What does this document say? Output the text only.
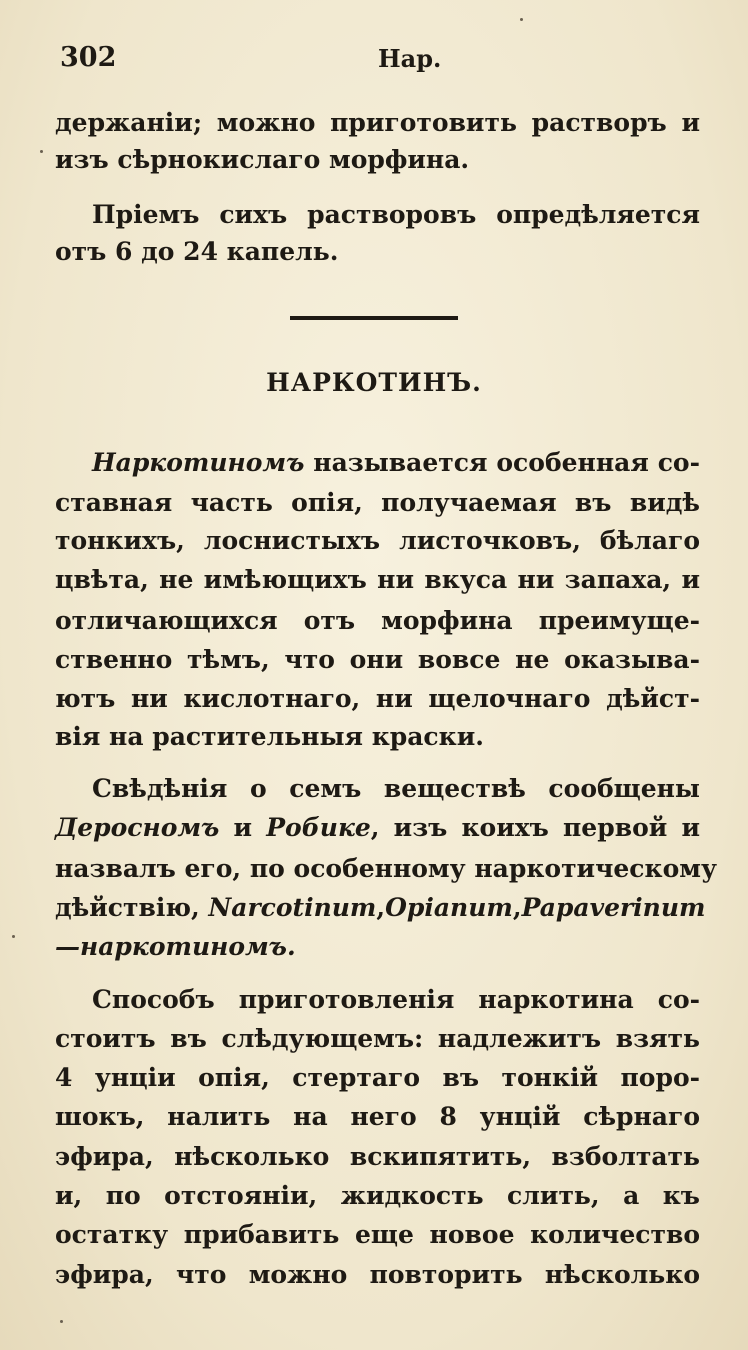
302	Нар.
держаніи; можно приготовить растворъ и
изъ сѣрнокислаго морфина.
Пріемъ сихъ растворовъ опредѣляется
отъ 6 до 24 капель.
НАРКОТИНЪ.
Наркотиномъ называется особенная со-
ставная часть опія, получаемая въ видѣ
тонкихъ, лоснистыхъ листочковъ, бѣлаго
цвѣта, не имѣющихъ ни вкуса ни запаха, и
отличающихся отъ морфина преимуще-
ственно тѣмъ, что они вовсе не оказыва-
ютъ ни кислотнаго, ни щелочнаго дѣйст-
вія на растительныя краски.
Свѣдѣнія о семъ веществѣ сообщены
Деросномъ и Робике, изъ коихъ первой и
назвалъ его, по особенному наркотическому
дѣйствію, Narcotinum,Opianum,Papaverinum
—наркотиномъ.
Способъ приготовленія наркотина со-
стоитъ въ слѣдующемъ: надлежитъ взять
4 унціи опія, стертаго въ тонкій поро-
шокъ, налить на него 8 унцій сѣрнаго
эфира, нѣсколько вскипятить, взболтать
и, по отстояніи, жидкость слить, а къ
остатку прибавить еще новое количество
эфира, что можно повторить нѣсколько
